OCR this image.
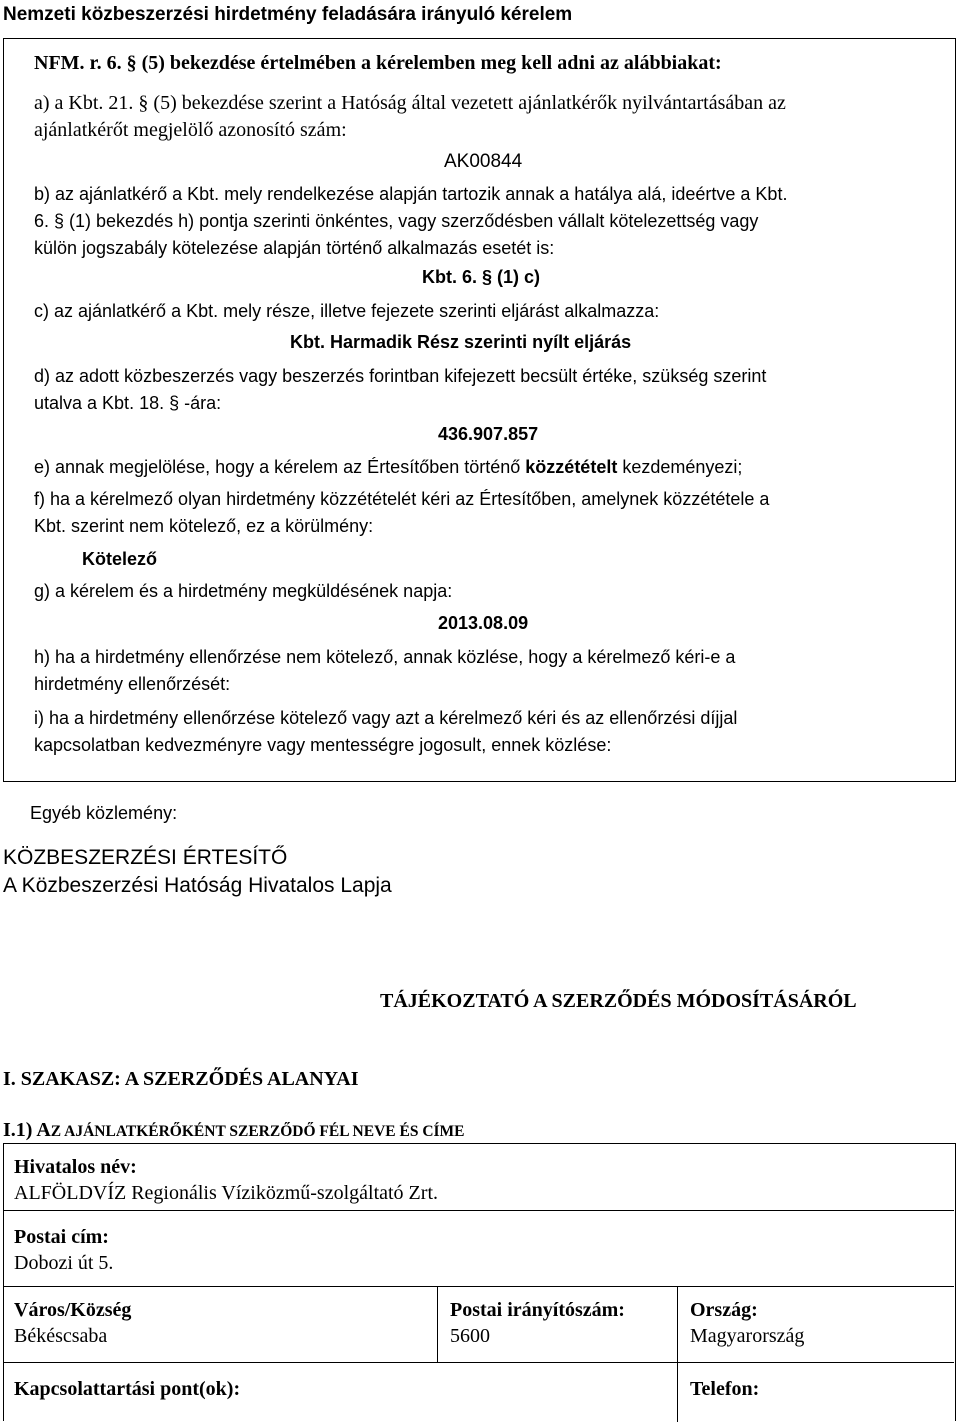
Nemzeti közbeszerzési hirdetmény feladására irányuló kérelem
NFM. r. 6. § (5) bekezdése értelmében a kérelemben meg kell adni az alábbiakat:
a) a Kbt. 21. § (5) bekezdése szerint a Hatóság által vezetett ajánlatkérők nyilvántartásában az
ajánlatkérőt megjelölő azonosító szám:
AK00844
b) az ajánlatkérő a Kbt. mely rendelkezése alapján tartozik annak a hatálya alá, ideértve a Kbt.
6. § (1) bekezdés h) pontja szerinti önkéntes, vagy szerződésben vállalt kötelezettség vagy
külön jogszabály kötelezése alapján történő alkalmazás esetét is:
Kbt. 6. § (1) c)
c) az ajánlatkérő a Kbt. mely része, illetve fejezete szerinti eljárást alkalmazza:
Kbt. Harmadik Rész szerinti nyílt eljárás
d) az adott közbeszerzés vagy beszerzés forintban kifejezett becsült értéke, szükség szerint
utalva a Kbt. 18. § -ára:
436.907.857
e) annak megjelölése, hogy a kérelem az Értesítőben történő közzétételt kezdeményezi;
f) ha a kérelmező olyan hirdetmény közzétételét kéri az Értesítőben, amelynek közzététele a
Kbt. szerint nem kötelező, ez a körülmény:
Kötelező
g) a kérelem és a hirdetmény megküldésének napja:
2013.08.09
h) ha a hirdetmény ellenőrzése nem kötelező, annak közlése, hogy a kérelmező kéri-e a
hirdetmény ellenőrzését:
i) ha a hirdetmény ellenőrzése kötelező vagy azt a kérelmező kéri és az ellenőrzési díjjal
kapcsolatban kedvezményre vagy mentességre jogosult, ennek közlése:
Egyéb közlemény:
KÖZBESZERZÉSI ÉRTESÍTŐ
A Közbeszerzési Hatóság Hivatalos Lapja
TÁJÉKOZTATÓ A SZERZŐDÉS MÓDOSÍTÁSÁRÓL
I. SZAKASZ: A SZERZŐDÉS ALANYAI
I.1) AZ AJÁNLATKÉRŐKÉNT SZERZŐDŐ FÉL NEVE ÉS CÍME
Hivatalos név:
ALFÖLDVÍZ Regionális Víziközmű-szolgáltató Zrt.
Postai cím:
Dobozi út 5.
Város/Község
Békéscsaba
Postai irányítószám:
5600
Ország:
Magyarország
Kapcsolattartási pont(ok):	Telefon:
